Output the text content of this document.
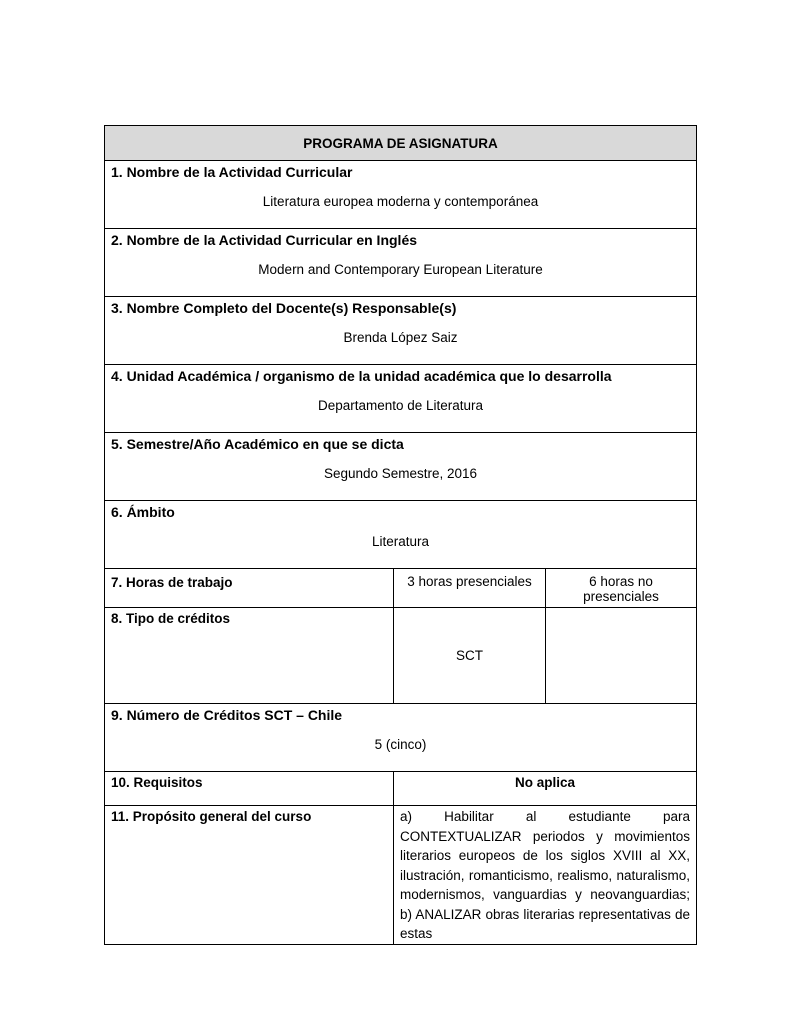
PROGRAMA DE ASIGNATURA		

1. Nombre de la Actividad Curricular
Literatura europea moderna y contemporánea		

2. Nombre de la Actividad Curricular en Inglés
Modern and Contemporary European Literature		

3. Nombre Completo del Docente(s) Responsable(s)
Brenda López Saiz		

4. Unidad Académica / organismo de la unidad académica que lo desarrolla
Departamento de Literatura		

5. Semestre/Año Académico en que se dicta
Segundo Semestre, 2016		

6. Ámbito
Literatura		

7. Horas de trabajo	3 horas presenciales	6 horas no presenciales
8. Tipo de créditos	SCT	

9. Número de Créditos SCT – Chile
5 (cinco)		

10. Requisitos	No aplica	
11. Propósito general del curso	a) Habilitar al estudiante para CONTEXTUALIZAR periodos y movimientos literarios europeos de los siglos XVIII al XX, ilustración, romanticismo, realismo, naturalismo, modernismos, vanguardias y neovanguardias; b) ANALIZAR obras literarias representativas de estas	
